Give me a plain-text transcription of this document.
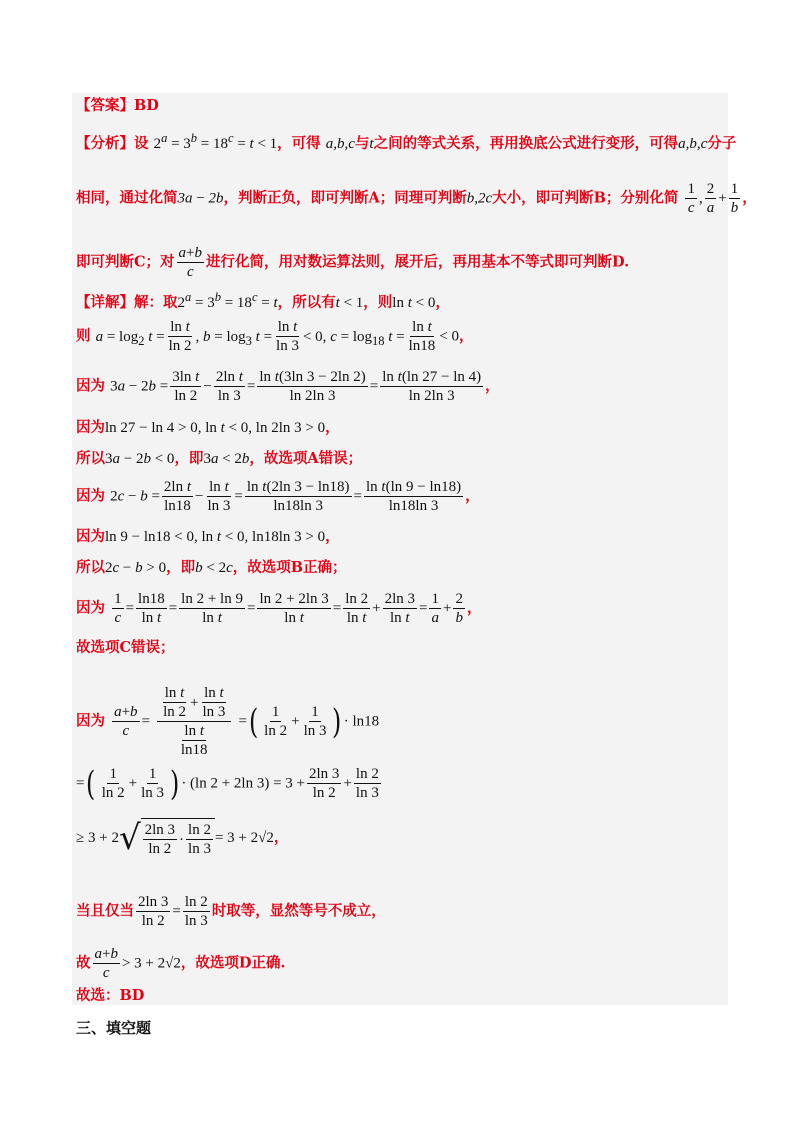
【答案】BD
【分析】设 $2^a = 3^b = 18^c = t < 1$，可得 a,b,c与t之间的等式关系，再用换底公式进行变形，可得a,b,c分子
相同，通过化简3a − 2b，判断正负，即可判断A；同理可判断b,2c大小，即可判断B；分别化简 $\frac{1}{c}$ , $\frac{2}{a} + \frac{1}{b}$ ，
即可判断C；对 $\frac{a+b}{c}$ 进行化简，用对数运算法则，展开后，再用基本不等式即可判断D.
【详解】解：取$2^a = 3^b = 18^c = t$，所以有t < 1，则ln t < 0，
则 $a = \log_2 t = \frac{\text{ln t}}{\ln 2}$ , $b = \log_3 t = \frac{\text{ln t}}{\ln 3} < 0$, $c = \log_{18} t = \frac{\text{ln t}}{\ln 18} < 0$，
因为 $3a - 2b = \frac{\text{3ln t}}{\ln 2} - \frac{\text{2ln t}}{\ln 3} = \frac{\text{ln t(3ln 3 − 2ln 2)}}{\ln 2\ln 3} = \frac{\text{ln t(ln 27 − ln 4)}}{\ln 2\ln 3}$ ，
因为ln 27 − ln 4 > 0, ln t < 0, ln 2ln 3 > 0，
所以3a − 2b < 0，即3a < 2b，故选项A错误；
因为 $2c - b = \frac{\text{2ln t}}{\ln 18} - \frac{\text{ln t}}{\ln 3} = \frac{\text{ln t(2ln 3 − ln18)}}{\ln 18\ln 3} = \frac{\text{ln t(ln 9 − ln18)}}{\ln 18\ln 3}$ ，
因为ln 9 − ln18 < 0, ln t < 0, ln18ln 3 > 0，
所以2c − b > 0，即b < 2c，故选项B正确；
因为 $\frac{1}{c} = \frac{\ln 18}{\text{ln t}} = \frac{\ln 2 + \ln 9}{\text{ln t}} = \frac{\ln 2 + 2\ln 3}{\text{ln t}} = \frac{\ln 2}{\text{ln t}} + \frac{2\ln 3}{\text{ln t}} = \frac{1}{a} + \frac{2}{b}$ ，
故选项C错误；
因为 $\frac{a+b}{c} = \frac{\frac{\text{ln t}}{\ln 2} + \frac{\text{ln t}}{\ln 3}}{\frac{\text{ln t}}{\ln 18}}$ =( $\frac{1}{\ln 2} + \frac{1}{\ln 3}$ ) · ln18
=( $\frac{1}{\ln 2} + \frac{1}{\ln 3}$ ) · (ln 2 + 2ln $3) = 3 + \frac{2\ln 3}{\ln 2} + \frac{\ln 2}{\ln 3}$
≥ 3 + 2 √ $\frac{2\ln 3}{\ln 2} \cdot \frac{\ln 2}{\ln 3} = 3 + 2√2$，
当且仅当 $\frac{2\ln 3}{\ln 2} = \frac{\ln 2}{\ln 3}$ 时取等，显然等号不成立，
故 $\frac{a+b}{c} > 3 + 2√2$，故选项D正确.
故选：BD
三、填空题
